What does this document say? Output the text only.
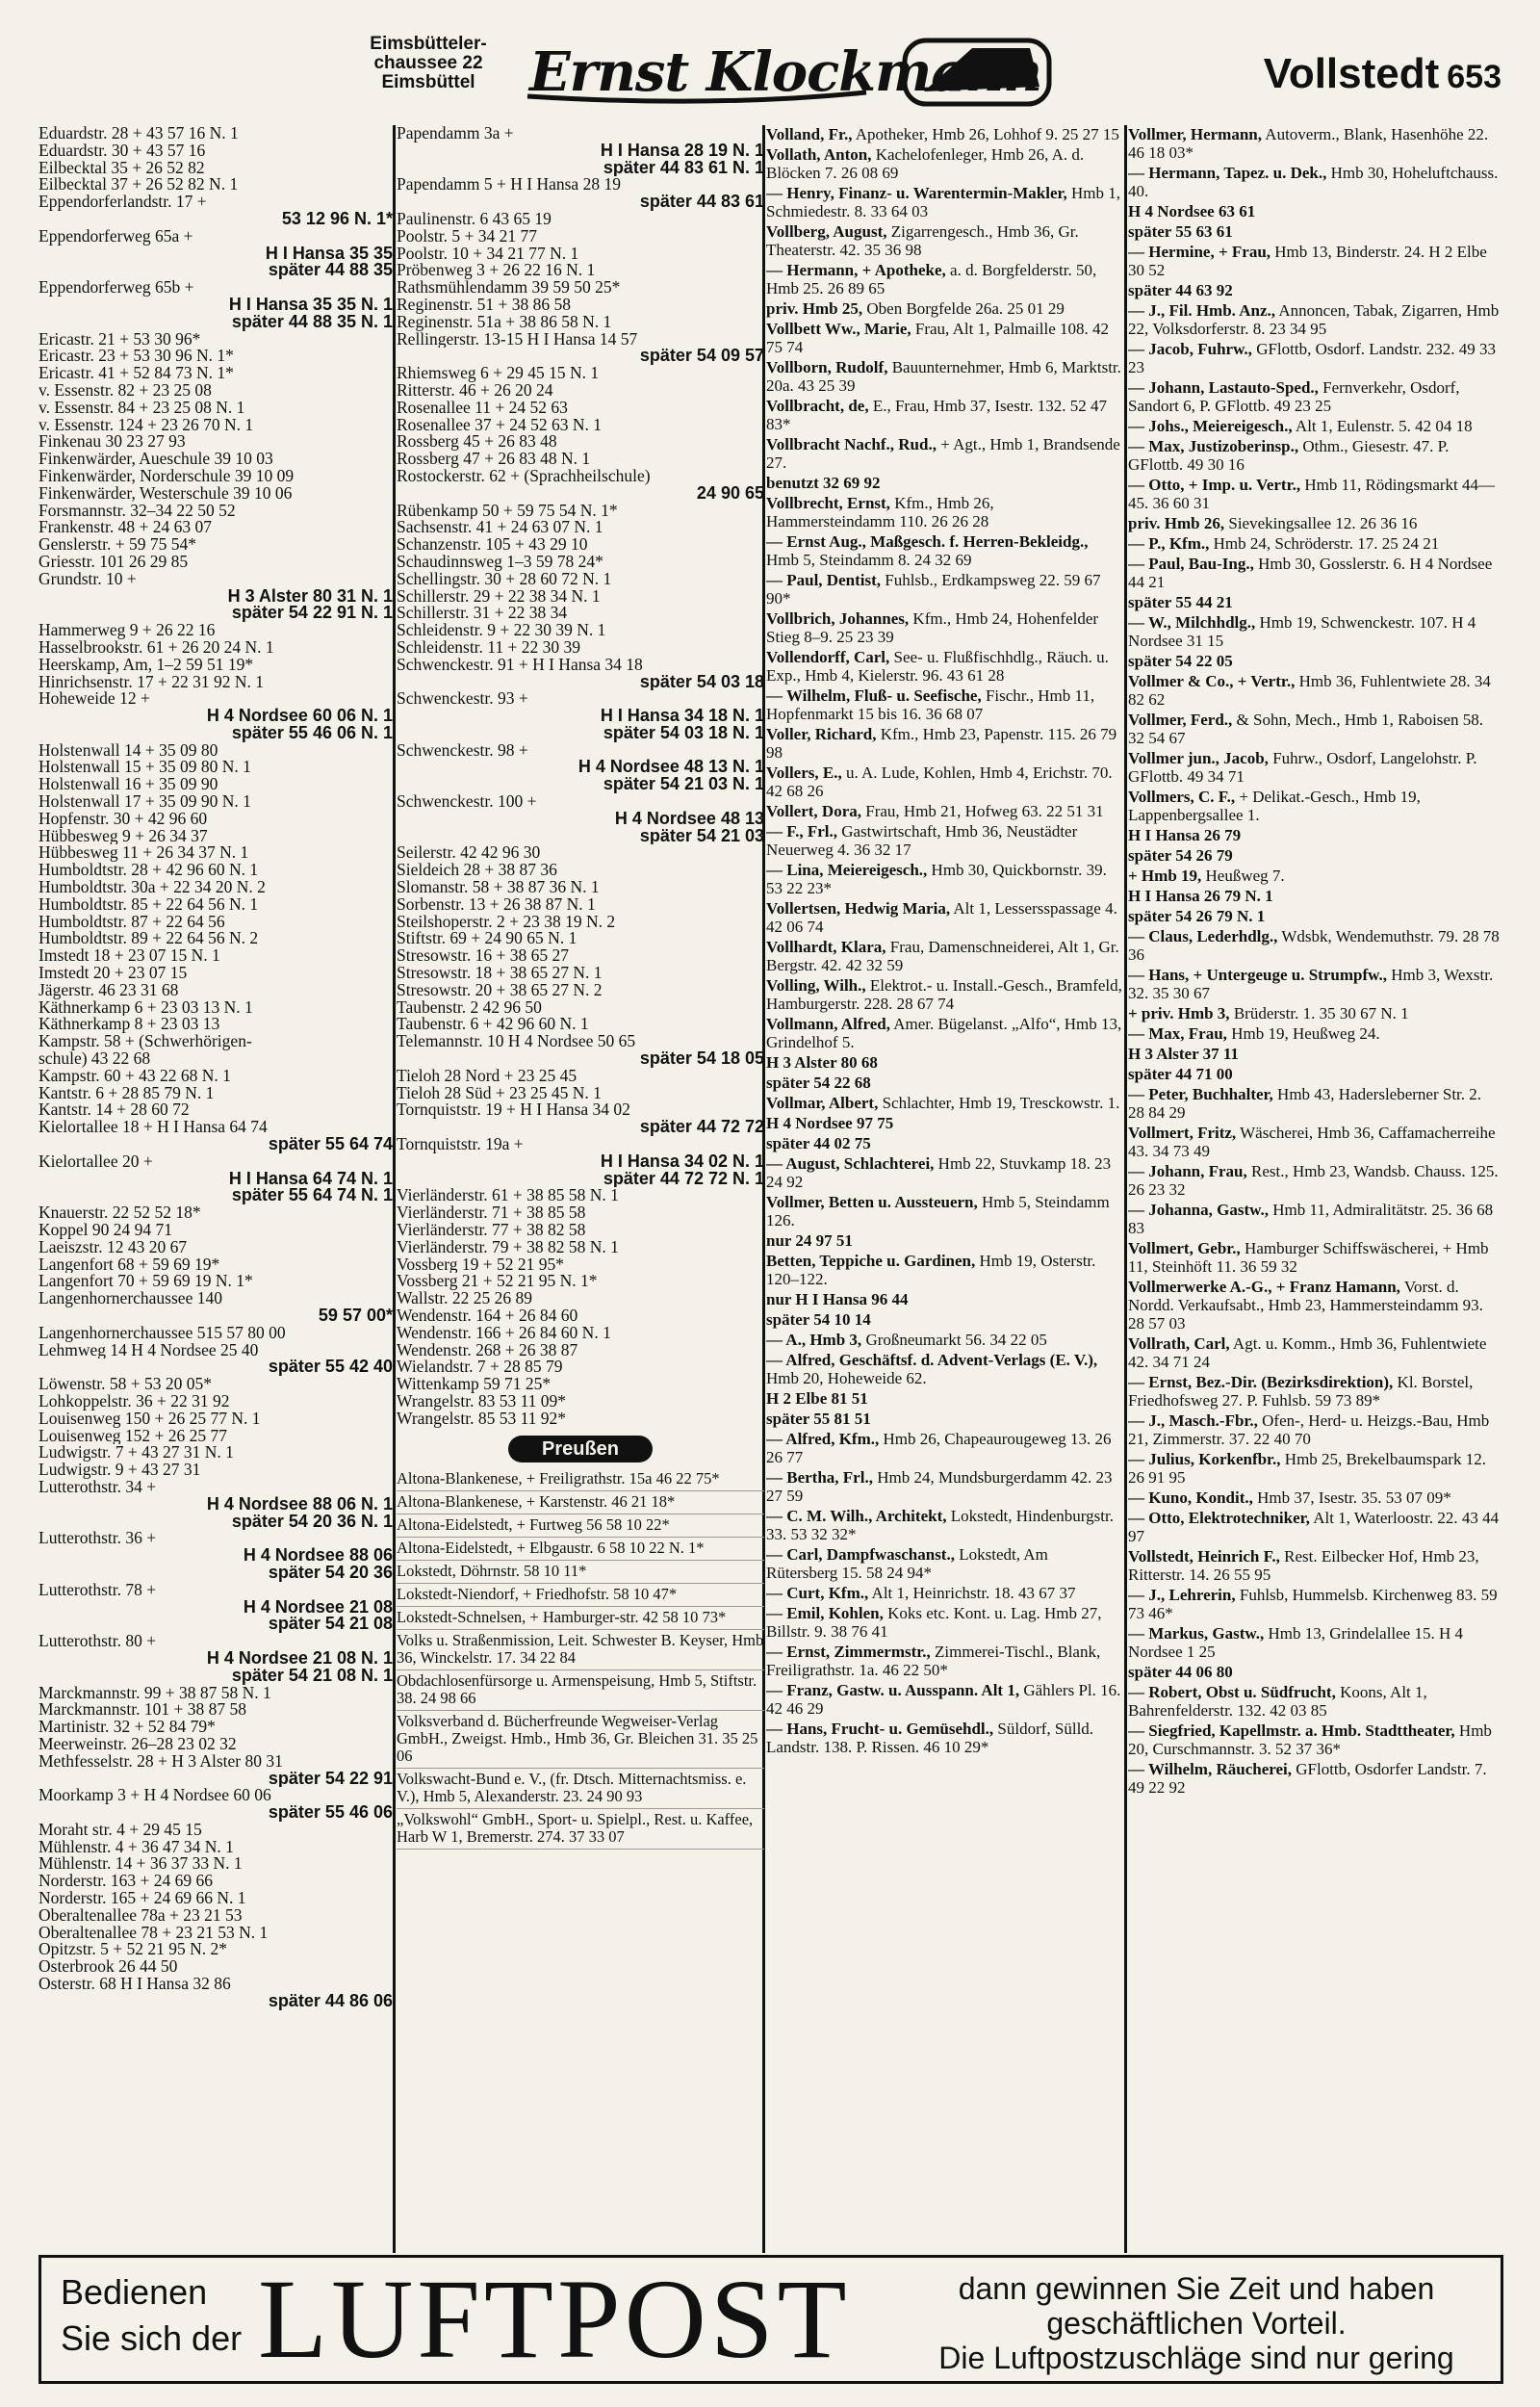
Eimsbütteler-
chaussee 22
Eimsbüttel	Ernst Klockmann	Vollstedt 653
Eduardstr. 28 + 43 57 16 N. 1
Eduardstr. 30 + 43 57 16
Eilbecktal 35 + 26 52 82
Eilbecktal 37 + 26 52 82 N. 1
Eppendorferlandstr. 17 +
53 12 96 N. 1*
Eppendorferweg 65a +
H I Hansa 35 35
später 44 88 35
Eppendorferweg 65b +
H I Hansa 35 35 N. 1
später 44 88 35 N. 1
Ericastr. 21 + 53 30 96*
Ericastr. 23 + 53 30 96 N. 1*
Ericastr. 41 + 52 84 73 N. 1*
v. Essenstr. 82 + 23 25 08
v. Essenstr. 84 + 23 25 08 N. 1
v. Essenstr. 124 + 23 26 70 N. 1
Finkenau 30 23 27 93
Finkenwärder, Aueschule 39 10 03
Finkenwärder, Norderschule 39 10 09
Finkenwärder, Westerschule 39 10 06
Forsmannstr. 32–34 22 50 52
Frankenstr. 48 + 24 63 07
Genslerstr. + 59 75 54*
Griesstr. 101 26 29 85
Grundstr. 10 +
H 3 Alster 80 31 N. 1
später 54 22 91 N. 1
Hammerweg 9 + 26 22 16
Hasselbrookstr. 61 + 26 20 24 N. 1
Heerskamp, Am, 1–2 59 51 19*
Hinrichsenstr. 17 + 22 31 92 N. 1
Hoheweide 12 +
H 4 Nordsee 60 06 N. 1
später 55 46 06 N. 1
Holstenwall 14 + 35 09 80
Holstenwall 15 + 35 09 80 N. 1
Holstenwall 16 + 35 09 90
Holstenwall 17 + 35 09 90 N. 1
Hopfenstr. 30 + 42 96 60
Hübbesweg 9 + 26 34 37
Hübbesweg 11 + 26 34 37 N. 1
Humboldtstr. 28 + 42 96 60 N. 1
Humboldtstr. 30a + 22 34 20 N. 2
Humboldtstr. 85 + 22 64 56 N. 1
Humboldtstr. 87 + 22 64 56
Humboldtstr. 89 + 22 64 56 N. 2
Imstedt 18 + 23 07 15 N. 1
Imstedt 20 + 23 07 15
Jägerstr. 46 23 31 68
Käthnerkamp 6 + 23 03 13 N. 1
Käthnerkamp 8 + 23 03 13
Kampstr. 58 + (Schwerhörigen-
schule) 43 22 68
Kampstr. 60 + 43 22 68 N. 1
Kantstr. 6 + 28 85 79 N. 1
Kantstr. 14 + 28 60 72
Kielortallee 18 + H I Hansa 64 74
später 55 64 74
Kielortallee 20 +
H I Hansa 64 74 N. 1
später 55 64 74 N. 1
Knauerstr. 22 52 52 18*
Koppel 90 24 94 71
Laeiszstr. 12 43 20 67
Langenfort 68 + 59 69 19*
Langenfort 70 + 59 69 19 N. 1*
Langenhornerchaussee 140
59 57 00*
Langenhornerchaussee 515 57 80 00
Lehmweg 14 H 4 Nordsee 25 40
später 55 42 40
Löwenstr. 58 + 53 20 05*
Lohkoppelstr. 36 + 22 31 92
Louisenweg 150 + 26 25 77 N. 1
Louisenweg 152 + 26 25 77
Ludwigstr. 7 + 43 27 31 N. 1
Ludwigstr. 9 + 43 27 31
Lutterothstr. 34 +
H 4 Nordsee 88 06 N. 1
später 54 20 36 N. 1
Lutterothstr. 36 +
H 4 Nordsee 88 06
später 54 20 36
Lutterothstr. 78 +
H 4 Nordsee 21 08
später 54 21 08
Lutterothstr. 80 +
H 4 Nordsee 21 08 N. 1
später 54 21 08 N. 1
Marckmannstr. 99 + 38 87 58 N. 1
Marckmannstr. 101 + 38 87 58
Martinistr. 32 + 52 84 79*
Meerweinstr. 26–28 23 02 32
Methfesselstr. 28 + H 3 Alster 80 31
später 54 22 91
Moorkamp 3 + H 4 Nordsee 60 06
später 55 46 06
Moraht str. 4 + 29 45 15
Mühlenstr. 4 + 36 47 34 N. 1
Mühlenstr. 14 + 36 37 33 N. 1
Norderstr. 163 + 24 69 66
Norderstr. 165 + 24 69 66 N. 1
Oberaltenallee 78a + 23 21 53
Oberaltenallee 78 + 23 21 53 N. 1
Opitzstr. 5 + 52 21 95 N. 2*
Osterbrook 26 44 50
Osterstr. 68 H I Hansa 32 86
später 44 86 06
Papendamm 3a +
H I Hansa 28 19 N. 1
später 44 83 61 N. 1
Papendamm 5 + H I Hansa 28 19
später 44 83 61
Paulinenstr. 6 43 65 19
Poolstr. 5 + 34 21 77
Poolstr. 10 + 34 21 77 N. 1
Pröbenweg 3 + 26 22 16 N. 1
Rathsmühlendamm 39 59 50 25*
Reginenstr. 51 + 38 86 58
Reginenstr. 51a + 38 86 58 N. 1
Rellingerstr. 13-15 H I Hansa 14 57
später 54 09 57
Rhiemsweg 6 + 29 45 15 N. 1
Ritterstr. 46 + 26 20 24
Rosenallee 11 + 24 52 63
Rosenallee 37 + 24 52 63 N. 1
Rossberg 45 + 26 83 48
Rossberg 47 + 26 83 48 N. 1
Rostockerstr. 62 + (Sprachheilschule)
24 90 65
Rübenkamp 50 + 59 75 54 N. 1*
Sachsenstr. 41 + 24 63 07 N. 1
Schanzenstr. 105 + 43 29 10
Schaudinnsweg 1–3 59 78 24*
Schellingstr. 30 + 28 60 72 N. 1
Schillerstr. 29 + 22 38 34 N. 1
Schillerstr. 31 + 22 38 34
Schleidenstr. 9 + 22 30 39 N. 1
Schleidenstr. 11 + 22 30 39
Schwenckestr. 91 + H I Hansa 34 18
später 54 03 18
Schwenckestr. 93 +
H I Hansa 34 18 N. 1
später 54 03 18 N. 1
Schwenckestr. 98 +
H 4 Nordsee 48 13 N. 1
später 54 21 03 N. 1
Schwenckestr. 100 +
H 4 Nordsee 48 13
später 54 21 03
Seilerstr. 42 42 96 30
Sieldeich 28 + 38 87 36
Slomanstr. 58 + 38 87 36 N. 1
Sorbenstr. 13 + 26 38 87 N. 1
Steilshoperstr. 2 + 23 38 19 N. 2
Stiftstr. 69 + 24 90 65 N. 1
Stresowstr. 16 + 38 65 27
Stresowstr. 18 + 38 65 27 N. 1
Stresowstr. 20 + 38 65 27 N. 2
Taubenstr. 2 42 96 50
Taubenstr. 6 + 42 96 60 N. 1
Telemannstr. 10 H 4 Nordsee 50 65
später 54 18 05
Tieloh 28 Nord + 23 25 45
Tieloh 28 Süd + 23 25 45 N. 1
Tornquiststr. 19 + H I Hansa 34 02
später 44 72 72
Tornquiststr. 19a +
H I Hansa 34 02 N. 1
später 44 72 72 N. 1
Vierländerstr. 61 + 38 85 58 N. 1
Vierländerstr. 71 + 38 85 58
Vierländerstr. 77 + 38 82 58
Vierländerstr. 79 + 38 82 58 N. 1
Vossberg 19 + 52 21 95*
Vossberg 21 + 52 21 95 N. 1*
Wallstr. 22 25 26 89
Wendenstr. 164 + 26 84 60
Wendenstr. 166 + 26 84 60 N. 1
Wendenstr. 268 + 26 38 87
Wielandstr. 7 + 28 85 79
Wittenkamp 59 71 25*
Wrangelstr. 83 53 11 09*
Wrangelstr. 85 53 11 92*
Preußen
Altona-Blankenese, + Freiligrathstr. 15a 46 22 75*
Altona-Blankenese, + Karstenstr. 46 21 18*
Altona-Eidelstedt, + Furtweg 56 58 10 22*
Altona-Eidelstedt, + Elbgaustr. 6 58 10 22 N. 1*
Lokstedt, Döhrnstr. 58 10 11*
Lokstedt-Niendorf, + Friedhofstr. 58 10 47*
Lokstedt-Schnelsen, + Hamburger-str. 42 58 10 73*
Volks u. Straßenmission, Leit. Schwester B. Keyser, Hmb 36, Winckelstr. 17. 34 22 84
Obdachlosenfürsorge u. Armenspeisung, Hmb 5, Stiftstr. 38. 24 98 66
Volksverband d. Bücherfreunde Wegweiser-Verlag GmbH., Zweigst. Hmb., Hmb 36, Gr. Bleichen 31. 35 25 06
Volkswacht-Bund e. V., (fr. Dtsch. Mitternachtsmiss. e. V.), Hmb 5, Alexanderstr. 23. 24 90 93
„Volkswohl“ GmbH., Sport- u. Spielpl., Rest. u. Kaffee, Harb W 1, Bremerstr. 274. 37 33 07
Volland, Fr., Apotheker, Hmb 26, Lohhof 9. 25 27 15
Vollath, Anton, Kachelofenleger, Hmb 26, A. d. Blöcken 7. 26 08 69
— Henry, Finanz- u. Warentermin-Makler, Hmb 1, Schmiedestr. 8. 33 64 03
Vollberg, August, Zigarrengesch., Hmb 36, Gr. Theaterstr. 42. 35 36 98
— Hermann, + Apotheke, a. d. Borgfelderstr. 50, Hmb 25. 26 89 65
priv. Hmb 25, Oben Borgfelde 26a. 25 01 29
Vollbett Ww., Marie, Frau, Alt 1, Palmaille 108. 42 75 74
Vollborn, Rudolf, Bauunternehmer, Hmb 6, Marktstr. 20a. 43 25 39
Vollbracht, de, E., Frau, Hmb 37, Isestr. 132. 52 47 83*
Vollbracht Nachf., Rud., + Agt., Hmb 1, Brandsende 27.
benutzt 32 69 92
Vollbrecht, Ernst, Kfm., Hmb 26, Hammersteindamm 110. 26 26 28
— Ernst Aug., Maßgesch. f. Herren-Bekleidg., Hmb 5, Steindamm 8. 24 32 69
— Paul, Dentist, Fuhlsb., Erdkampsweg 22. 59 67 90*
Vollbrich, Johannes, Kfm., Hmb 24, Hohenfelder Stieg 8–9. 25 23 39
Vollendorff, Carl, See- u. Flußfischhdlg., Räuch. u. Exp., Hmb 4, Kielerstr. 96. 43 61 28
— Wilhelm, Fluß- u. Seefische, Fischr., Hmb 11, Hopfenmarkt 15 bis 16. 36 68 07
Voller, Richard, Kfm., Hmb 23, Papenstr. 115. 26 79 98
Vollers, E., u. A. Lude, Kohlen, Hmb 4, Erichstr. 70. 42 68 26
Vollert, Dora, Frau, Hmb 21, Hofweg 63. 22 51 31
— F., Frl., Gastwirtschaft, Hmb 36, Neustädter Neuerweg 4. 36 32 17
— Lina, Meiereigesch., Hmb 30, Quickbornstr. 39. 53 22 23*
Vollertsen, Hedwig Maria, Alt 1, Lessersspassage 4. 42 06 74
Vollhardt, Klara, Frau, Damenschneiderei, Alt 1, Gr. Bergstr. 42. 42 32 59
Volling, Wilh., Elektrot.- u. Install.-Gesch., Bramfeld, Hamburgerstr. 228. 28 67 74
Vollmann, Alfred, Amer. Bügelanst. „Alfo“, Hmb 13, Grindelhof 5.
H 3 Alster 80 68
später 54 22 68
Vollmar, Albert, Schlachter, Hmb 19, Tresckowstr. 1.
H 4 Nordsee 97 75
später 44 02 75
— August, Schlachterei, Hmb 22, Stuvkamp 18. 23 24 92
Vollmer, Betten u. Aussteuern, Hmb 5, Steindamm 126.
nur 24 97 51
Betten, Teppiche u. Gardinen, Hmb 19, Osterstr. 120–122.
nur H I Hansa 96 44
später 54 10 14
— A., Hmb 3, Großneumarkt 56. 34 22 05
— Alfred, Geschäftsf. d. Advent-Verlags (E. V.), Hmb 20, Hoheweide 62.
H 2 Elbe 81 51
später 55 81 51
— Alfred, Kfm., Hmb 26, Chapeaurougeweg 13. 26 26 77
— Bertha, Frl., Hmb 24, Mundsburgerdamm 42. 23 27 59
— C. M. Wilh., Architekt, Lokstedt, Hindenburgstr. 33. 53 32 32*
— Carl, Dampfwaschanst., Lokstedt, Am Rütersberg 15. 58 24 94*
— Curt, Kfm., Alt 1, Heinrichstr. 18. 43 67 37
— Emil, Kohlen, Koks etc. Kont. u. Lag. Hmb 27, Billstr. 9. 38 76 41
— Ernst, Zimmermstr., Zimmerei-Tischl., Blank, Freiligrathstr. 1a. 46 22 50*
— Franz, Gastw. u. Ausspann. Alt 1, Gählers Pl. 16. 42 46 29
— Hans, Frucht- u. Gemüsehdl., Süldorf, Sülld. Landstr. 138. P. Rissen. 46 10 29*
Vollmer, Hermann, Autoverm., Blank, Hasenhöhe 22. 46 18 03*
— Hermann, Tapez. u. Dek., Hmb 30, Hoheluftchauss. 40.
H 4 Nordsee 63 61
später 55 63 61
— Hermine, + Frau, Hmb 13, Binderstr. 24. H 2 Elbe 30 52
später 44 63 92
— J., Fil. Hmb. Anz., Annoncen, Tabak, Zigarren, Hmb 22, Volksdorferstr. 8. 23 34 95
— Jacob, Fuhrw., GFlottb, Osdorf. Landstr. 232. 49 33 23
— Johann, Lastauto-Sped., Fernverkehr, Osdorf, Sandort 6, P. GFlottb. 49 23 25
— Johs., Meiereigesch., Alt 1, Eulenstr. 5. 42 04 18
— Max, Justizoberinsp., Othm., Giesestr. 47. P. GFlottb. 49 30 16
— Otto, + Imp. u. Vertr., Hmb 11, Rödingsmarkt 44—45. 36 60 31
priv. Hmb 26, Sievekingsallee 12. 26 36 16
— P., Kfm., Hmb 24, Schröderstr. 17. 25 24 21
— Paul, Bau-Ing., Hmb 30, Gosslerstr. 6. H 4 Nordsee 44 21
später 55 44 21
— W., Milchhdlg., Hmb 19, Schwenckestr. 107. H 4 Nordsee 31 15
später 54 22 05
Vollmer & Co., + Vertr., Hmb 36, Fuhlentwiete 28. 34 82 62
Vollmer, Ferd., & Sohn, Mech., Hmb 1, Raboisen 58. 32 54 67
Vollmer jun., Jacob, Fuhrw., Osdorf, Langelohstr. P. GFlottb. 49 34 71
Vollmers, C. F., + Delikat.-Gesch., Hmb 19, Lappenbergsallee 1.
H I Hansa 26 79
später 54 26 79
+ Hmb 19, Heußweg 7.
H I Hansa 26 79 N. 1
später 54 26 79 N. 1
— Claus, Lederhdlg., Wdsbk, Wendemuthstr. 79. 28 78 36
— Hans, + Untergeuge u. Strumpfw., Hmb 3, Wexstr. 32. 35 30 67
+ priv. Hmb 3, Brüderstr. 1. 35 30 67 N. 1
— Max, Frau, Hmb 19, Heußweg 24.
H 3 Alster 37 11
später 44 71 00
— Peter, Buchhalter, Hmb 43, Hadersleberner Str. 2. 28 84 29
Vollmert, Fritz, Wäscherei, Hmb 36, Caffamacherreihe 43. 34 73 49
— Johann, Frau, Rest., Hmb 23, Wandsb. Chauss. 125. 26 23 32
— Johanna, Gastw., Hmb 11, Admiralitätstr. 25. 36 68 83
Vollmert, Gebr., Hamburger Schiffswäscherei, + Hmb 11, Steinhöft 11. 36 59 32
Vollmerwerke A.-G., + Franz Hamann, Vorst. d. Nordd. Verkaufsabt., Hmb 23, Hammersteindamm 93. 28 57 03
Vollrath, Carl, Agt. u. Komm., Hmb 36, Fuhlentwiete 42. 34 71 24
— Ernst, Bez.-Dir. (Bezirksdirektion), Kl. Borstel, Friedhofsweg 27. P. Fuhlsb. 59 73 89*
— J., Masch.-Fbr., Ofen-, Herd- u. Heizgs.-Bau, Hmb 21, Zimmerstr. 37. 22 40 70
— Julius, Korkenfbr., Hmb 25, Brekelbaumspark 12. 26 91 95
— Kuno, Kondit., Hmb 37, Isestr. 35. 53 07 09*
— Otto, Elektrotechniker, Alt 1, Waterloostr. 22. 43 44 97
Vollstedt, Heinrich F., Rest. Eilbecker Hof, Hmb 23, Ritterstr. 14. 26 55 95
— J., Lehrerin, Fuhlsb, Hummelsb. Kirchenweg 83. 59 73 46*
— Markus, Gastw., Hmb 13, Grindelallee 15. H 4 Nordsee 1 25
später 44 06 80
— Robert, Obst u. Südfrucht, Koons, Alt 1, Bahrenfelderstr. 132. 42 03 85
— Siegfried, Kapellmstr. a. Hmb. Stadttheater, Hmb 20, Curschmannstr. 3. 52 37 36*
— Wilhelm, Räucherei, GFlottb, Osdorfer Landstr. 7. 49 22 92
Bedienen
Sie sich der LUFTPOST	dann gewinnen Sie Zeit und haben
geschäftlichen Vorteil.
Die Luftpostzuschläge sind nur gering
